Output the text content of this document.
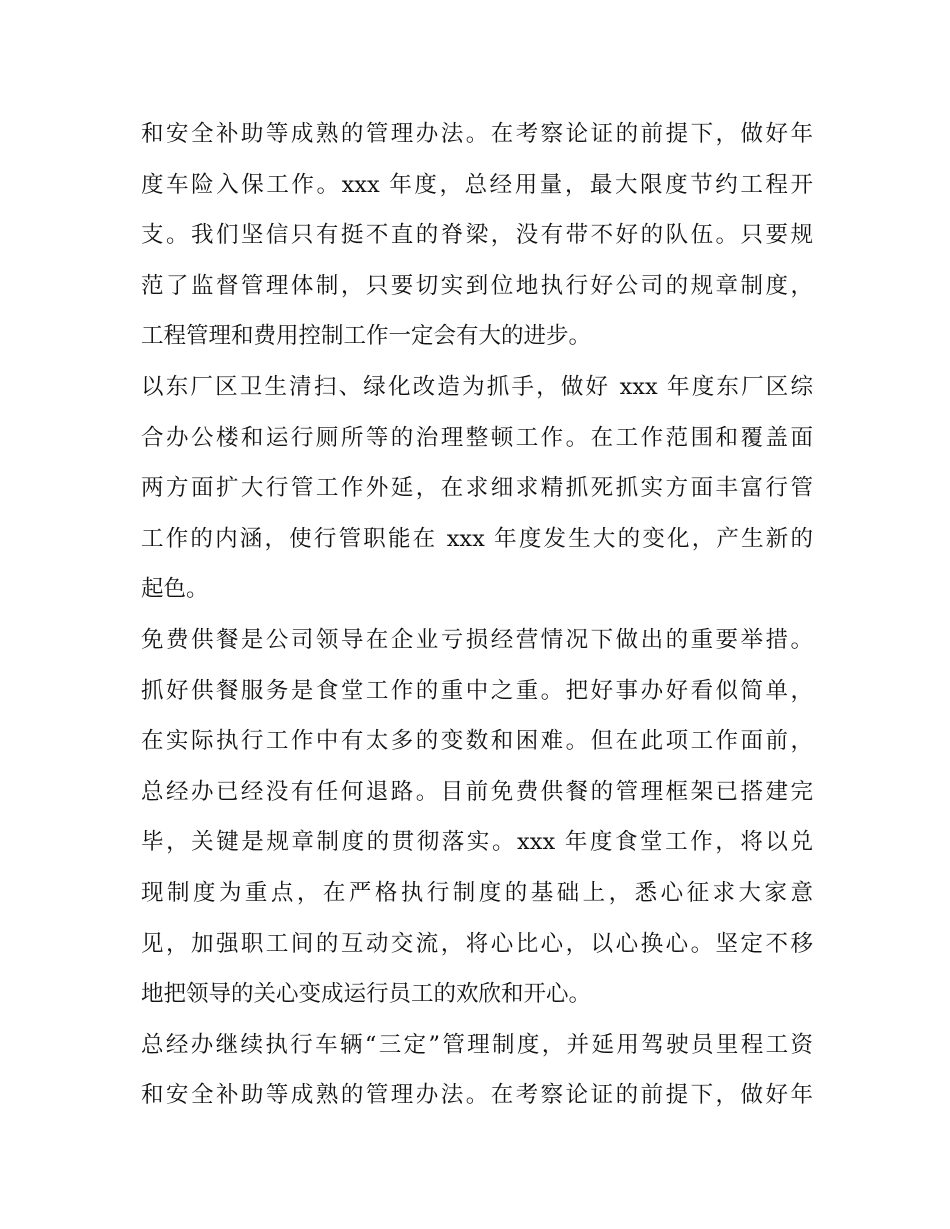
和安全补助等成熟的管理办法。在考察论证的前提下，做好年
度车险入保工作。xxx 年度，总经用量，最大限度节约工程开
支。我们坚信只有挺不直的脊梁，没有带不好的队伍。只要规
范了监督管理体制，只要切实到位地执行好公司的规章制度，
工程管理和费用控制工作一定会有大的进步。
以东厂区卫生清扫、绿化改造为抓手，做好 xxx 年度东厂区综
合办公楼和运行厕所等的治理整顿工作。在工作范围和覆盖面
两方面扩大行管工作外延，在求细求精抓死抓实方面丰富行管
工作的内涵，使行管职能在 xxx 年度发生大的变化，产生新的
起色。
免费供餐是公司领导在企业亏损经营情况下做出的重要举措。
抓好供餐服务是食堂工作的重中之重。把好事办好看似简单，
在实际执行工作中有太多的变数和困难。但在此项工作面前，
总经办已经没有任何退路。目前免费供餐的管理框架已搭建完
毕，关键是规章制度的贯彻落实。xxx 年度食堂工作，将以兑
现制度为重点，在严格执行制度的基础上，悉心征求大家意
见，加强职工间的互动交流，将心比心，以心换心。坚定不移
地把领导的关心变成运行员工的欢欣和开心。
总经办继续执行车辆“三定”管理制度，并延用驾驶员里程工资
和安全补助等成熟的管理办法。在考察论证的前提下，做好年
